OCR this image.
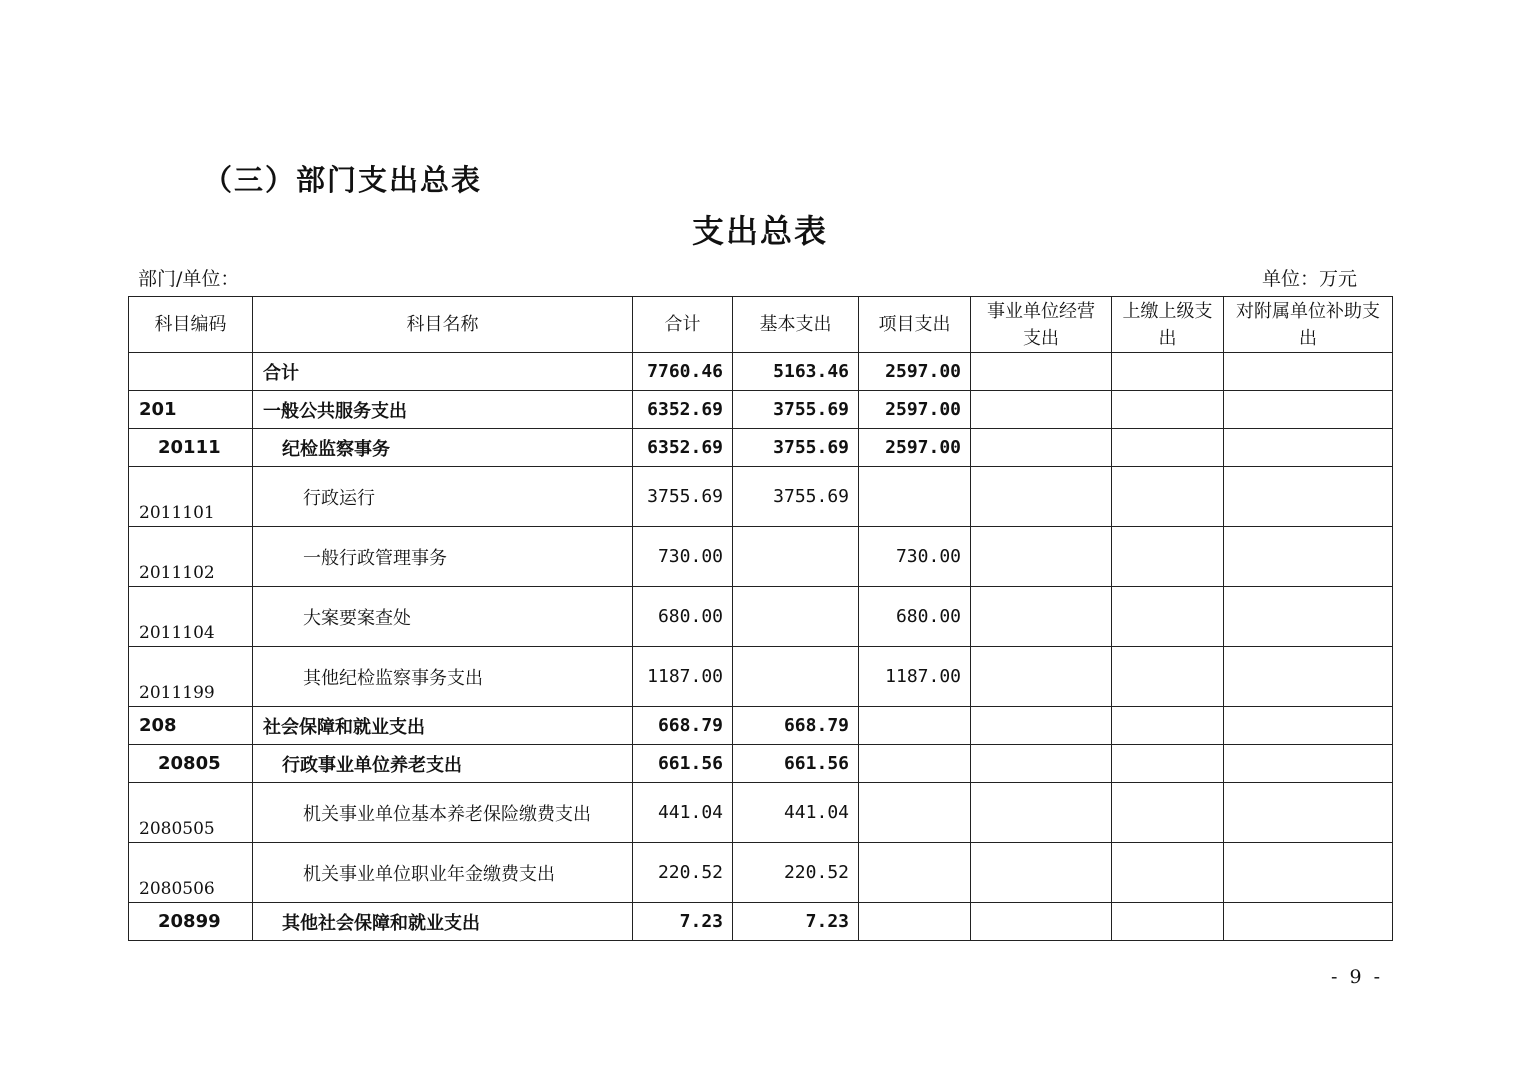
（三）部门支出总表
支出总表
部门/单位：	单位：万元
科目编码	科目名称	合计	基本支出	项目支出	事业单位经营支出	上缴上级支出	对附属单位补助支出
	合计	7760.46	5163.46	2597.00			
201	一般公共服务支出	6352.69	3755.69	2597.00			
20111	纪检监察事务	6352.69	3755.69	2597.00			
2011101	行政运行	3755.69	3755.69				
2011102	一般行政管理事务	730.00		730.00			
2011104	大案要案查处	680.00		680.00			
2011199	其他纪检监察事务支出	1187.00		1187.00			
208	社会保障和就业支出	668.79	668.79				
20805	行政事业单位养老支出	661.56	661.56				
2080505	机关事业单位基本养老保险缴费支出	441.04	441.04				
2080506	机关事业单位职业年金缴费支出	220.52	220.52				
20899	其他社会保障和就业支出	7.23	7.23				
- 9 -
